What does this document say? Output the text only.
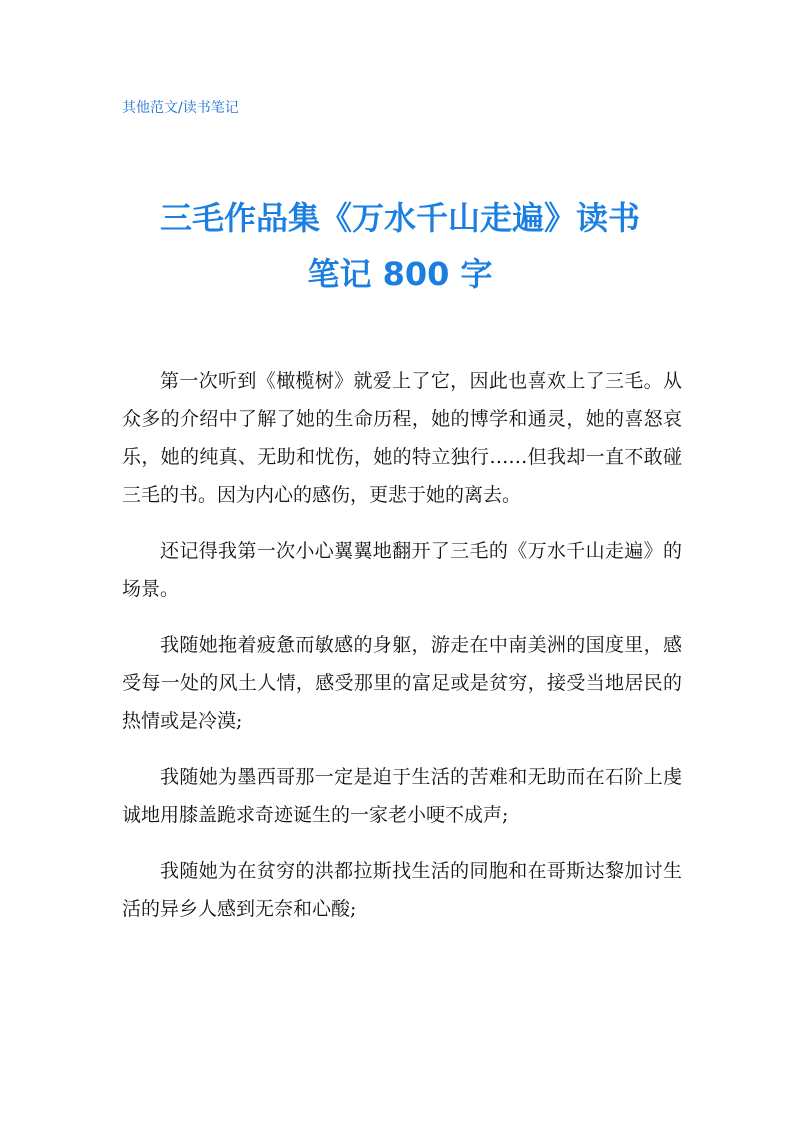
其他范文/读书笔记
三毛作品集《万水千山走遍》读书
笔记 800 字

第一次听到《橄榄树》就爱上了它，因此也喜欢上了三毛。从众多的介绍中了解了她的生命历程，她的博学和通灵，她的喜怒哀乐，她的纯真、无助和忧伤，她的特立独行……但我却一直不敢碰三毛的书。因为内心的感伤，更悲于她的离去。

还记得我第一次小心翼翼地翻开了三毛的《万水千山走遍》的场景。

我随她拖着疲惫而敏感的身躯，游走在中南美洲的国度里，感受每一处的风土人情，感受那里的富足或是贫穷，接受当地居民的热情或是冷漠;

我随她为墨西哥那一定是迫于生活的苦难和无助而在石阶上虔诚地用膝盖跪求奇迹诞生的一家老小哽不成声;

我随她为在贫穷的洪都拉斯找生活的同胞和在哥斯达黎加讨生活的异乡人感到无奈和心酸;
